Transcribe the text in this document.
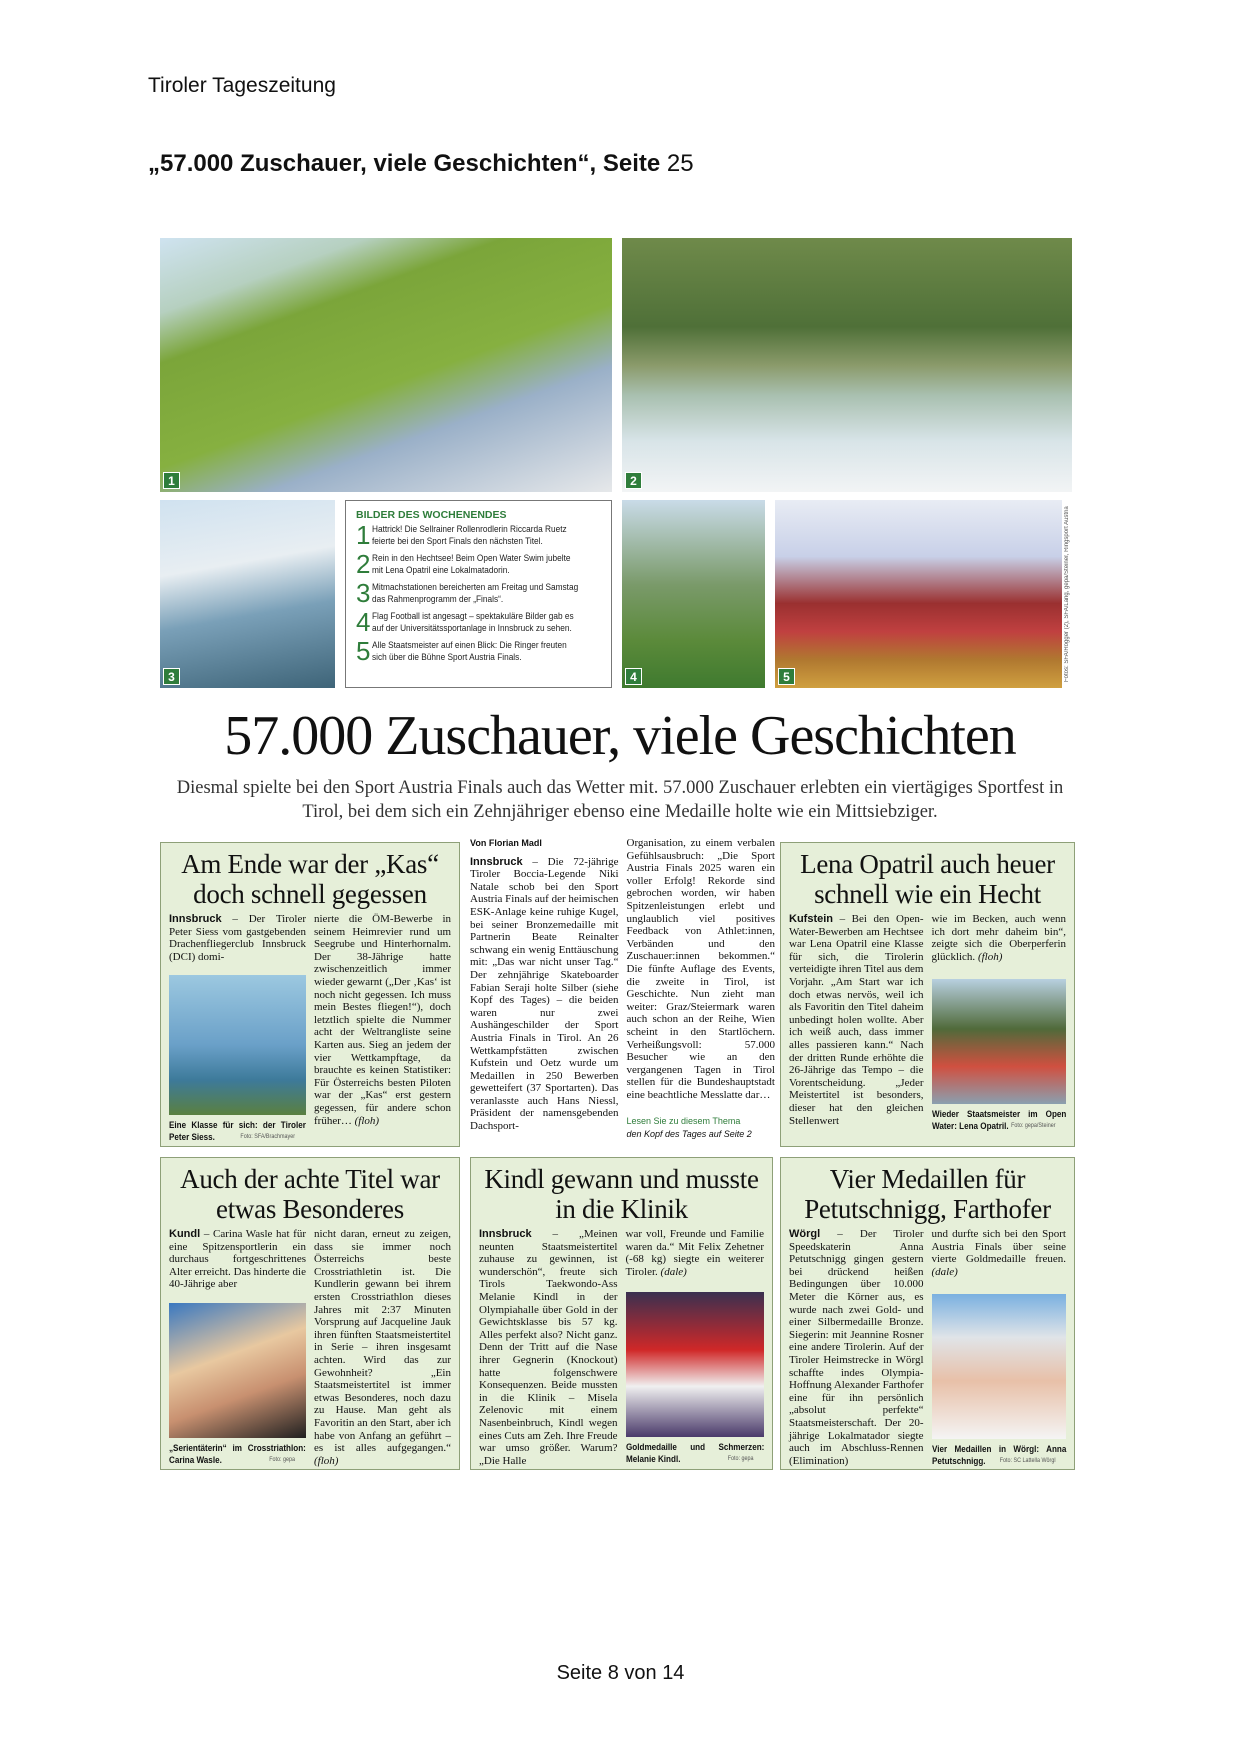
Tiroler Tageszeitung
„57.000 Zuschauer, viele Geschichten“, Seite 25
1	2
3
BILDER DES WOCHENENDES
1 Hattrick! Die Sellrainer Rollenrodlerin Riccarda Ruetz feierte bei den Sport Finals den nächsten Titel.
2 Rein in den Hechtsee! Beim Open Water Swim jubelte mit Lena Opatril eine Lokalmatadorin.
3 Mitmachstationen bereicherten am Freitag und Samstag das Rahmenprogramm der „Finals“.
4 Flag Football ist angesagt – spektakuläre Bilder gab es auf der Universitätssportanlage in Innsbruck zu sehen.
5 Alle Staatsmeister auf einen Blick: Die Ringer freuten sich über die Bühne Sport Austria Finals.
4	5	Fotos: SFA/Rogger (2), SFA/Lang, gepa/Steiner, Ringsport Austria
57.000 Zuschauer, viele Geschichten
Diesmal spielte bei den Sport Austria Finals auch das Wetter mit. 57.000 Zuschauer erlebten ein viertägiges Sportfest in Tirol, bei dem sich ein Zehnjähriger ebenso eine Medaille holte wie ein Mittsiebziger.
Am Ende war der „Kas“ doch schnell gegessen
Innsbruck – Der Tiroler Peter Siess vom gastgebenden Drachenfliegerclub Innsbruck (DCI) domi-
Eine Klasse für sich: der Tiroler Peter Siess.	Foto: SFA/Brachmayer
nierte die ÖM-Bewerbe in seinem Heimrevier rund um Seegrube und Hinterhornalm. Der 38-Jährige hatte zwischenzeitlich immer wieder gewarnt („Der ‚Kas‘ ist noch nicht gegessen. Ich muss mein Bestes fliegen!“), doch letztlich spielte die Nummer acht der Weltrangliste seine Karten aus. Sieg an jedem der vier Wettkampftage, da brauchte es keinen Statistiker: Für Österreichs besten Piloten war der „Kas“ erst gestern gegessen, für andere schon früher… (floh)
Von Florian Madl
Innsbruck – Die 72-jährige Tiroler Boccia-Legende Niki Natale schob bei den Sport Austria Finals auf der heimischen ESK-Anlage keine ruhige Kugel, bei seiner Bronzemedaille mit Partnerin Beate Reinalter schwang ein wenig Enttäuschung mit: „Das war nicht unser Tag.“ Der zehnjährige Skateboarder Fabian Seraji holte Silber (siehe Kopf des Tages) – die beiden waren nur zwei Aushängeschilder der Sport Austria Finals in Tirol. An 26 Wettkampfstätten zwischen Kufstein und Oetz wurde um Medaillen in 250 Bewerben gewetteifert (37 Sportarten). Das veranlasste auch Hans Niessl, Präsident der namensgebenden Dachsport-
Organisation, zu einem verbalen Gefühlsausbruch: „Die Sport Austria Finals 2025 waren ein voller Erfolg! Rekorde sind gebrochen worden, wir haben Spitzenleistungen erlebt und unglaublich viel positives Feedback von Athlet:innen, Verbänden und den Zuschauer:innen bekommen.“ Die fünfte Auflage des Events, die zweite in Tirol, ist Geschichte. Nun zieht man weiter: Graz/Steiermark waren auch schon an der Reihe, Wien scheint in den Startlöchern. Verheißungsvoll: 57.000 Besucher wie an den vergangenen Tagen in Tirol stellen für die Bundeshauptstadt eine beachtliche Messlatte dar…
Lesen Sie zu diesem Thema
den Kopf des Tages auf Seite 2
Lena Opatril auch heuer schnell wie ein Hecht
Kufstein – Bei den Open-Water-Bewerben am Hechtsee war Lena Opatril eine Klasse für sich, die Tirolerin verteidigte ihren Titel aus dem Vorjahr. „Am Start war ich doch etwas nervös, weil ich als Favoritin den Titel daheim unbedingt holen wollte. Aber ich weiß auch, dass immer alles passieren kann.“ Nach der dritten Runde erhöhte die 26-Jährige das Tempo – die Vorentscheidung. „Jeder Meistertitel ist besonders, dieser hat den gleichen Stellenwert
wie im Becken, auch wenn ich dort mehr daheim bin“, zeigte sich die Oberperferin glücklich. (floh)
Wieder Staatsmeister im Open Water: Lena Opatril. Foto: gepa/Steiner
Auch der achte Titel war etwas Besonderes
Kundl – Carina Wasle hat für eine Spitzensportlerin ein durchaus fortgeschrittenes Alter erreicht. Das hinderte die 40-Jährige aber
„Serientäterin“ im Crosstriathlon: Carina Wasle.	Foto: gepa
nicht daran, erneut zu zeigen, dass sie immer noch Österreichs beste Crosstriathletin ist. Die Kundlerin gewann bei ihrem ersten Crosstriathlon dieses Jahres mit 2:37 Minuten Vorsprung auf Jacqueline Jauk ihren fünften Staatsmeistertitel in Serie – ihren insgesamt achten. Wird das zur Gewohnheit? „Ein Staatsmeistertitel ist immer etwas Besonderes, noch dazu zu Hause. Man geht als Favoritin an den Start, aber ich habe von Anfang an geführt – es ist alles aufgegangen.“ (floh)
Kindl gewann und musste in die Klinik
Innsbruck – „Meinen neunten Staatsmeistertitel zuhause zu gewinnen, ist wunderschön“, freute sich Tirols Taekwondo-Ass Melanie Kindl in der Olympiahalle über Gold in der Gewichtsklasse bis 57 kg. Alles perfekt also? Nicht ganz. Denn der Tritt auf die Nase ihrer Gegnerin (Knockout) hatte folgenschwere Konsequenzen. Beide mussten in die Klinik – Misela Zelenovic mit einem Nasenbeinbruch, Kindl wegen eines Cuts am Zeh. Ihre Freude war umso größer. Warum? „Die Halle
war voll, Freunde und Familie waren da.“ Mit Felix Zehetner (-68 kg) siegte ein weiterer Tiroler. (dale)
Goldmedaille und Schmerzen: Melanie Kindl.	Foto: gepa
Vier Medaillen für Petutschnigg, Farthofer
Wörgl – Der Tiroler Speedskaterin Anna Petutschnigg gingen gestern bei drückend heißen Bedingungen über 10.000 Meter die Körner aus, es wurde nach zwei Gold- und einer Silbermedaille Bronze. Siegerin: mit Jeannine Rosner eine andere Tirolerin. Auf der Tiroler Heimstrecke in Wörgl schaffte indes Olympia-Hoffnung Alexander Farthofer eine für ihn persönlich „absolut perfekte“ Staatsmeisterschaft. Der 20-jährige Lokalmatador siegte auch im Abschluss-Rennen (Elimination)
und durfte sich bei den Sport Austria Finals über seine vierte Goldmedaille freuen. (dale)
Vier Medaillen in Wörgl: Anna Petutschnigg. Foto: SC Lattella Wörgl
Seite 8 von 14
